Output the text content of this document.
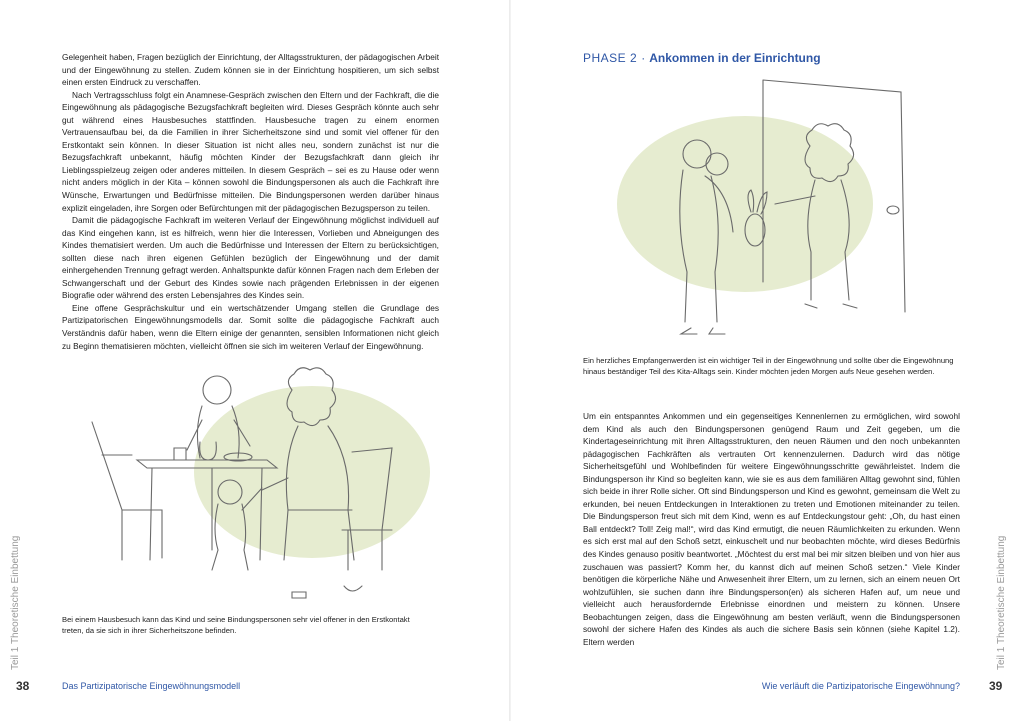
Gelegenheit haben, Fragen bezüglich der Einrichtung, der Alltagsstrukturen, der pädagogischen Arbeit und der Eingewöhnung zu stellen. Zudem können sie in der Einrichtung hospitieren, um sich selbst einen ersten Eindruck zu verschaffen.

Nach Vertragsschluss folgt ein Anamnese-Gespräch zwischen den Eltern und der Fachkraft, die die Eingewöhnung als pädagogische Bezugsfachkraft begleiten wird. Dieses Gespräch könnte auch sehr gut während eines Hausbesuches stattfinden. Hausbesuche tragen zu einem enormen Vertrauensaufbau bei, da die Familien in ihrer Sicherheitszone sind und somit viel offener für den Erstkontakt sein können. In dieser Situation ist nicht alles neu, sondern zunächst ist nur die Bezugsfachkraft unbekannt, häufig möchten Kinder der Bezugsfachkraft dann gleich ihr Lieblingsspielzeug zeigen oder anderes mitteilen. In diesem Gespräch – sei es zu Hause oder wenn nicht anders möglich in der Kita – können sowohl die Bindungspersonen als auch die Fachkraft ihre Wünsche, Erwartungen und Bedürfnisse mitteilen. Die Bindungspersonen werden darüber hinaus explizit eingeladen, ihre Sorgen oder Befürchtungen mit der pädagogischen Bezugsperson zu teilen.

Damit die pädagogische Fachkraft im weiteren Verlauf der Eingewöhnung möglichst individuell auf das Kind eingehen kann, ist es hilfreich, wenn hier die Interessen, Vorlieben und Abneigungen des Kindes thematisiert werden. Um auch die Bedürfnisse und Interessen der Eltern zu berücksichtigen, sollten diese nach ihren eigenen Gefühlen bezüglich der Eingewöhnung und der damit einhergehenden Trennung gefragt werden. Anhaltspunkte dafür können Fragen nach dem Erleben der Schwangerschaft und der Geburt des Kindes sowie nach prägenden Erlebnissen in der eigenen Biografie oder während des ersten Lebensjahres des Kindes sein.

Eine offene Gesprächskultur und ein wertschätzender Umgang stellen die Grundlage des Partizipatorischen Eingewöhnungsmodells dar. Somit sollte die pädagogische Fachkraft auch Verständnis dafür haben, wenn die Eltern einige der genannten, sensiblen Informationen nicht gleich zu Beginn thematisieren möchten, vielleicht öffnen sie sich im weiteren Verlauf der Eingewöhnung.

Bei einem Hausbesuch kann das Kind und seine Bindungspersonen sehr viel offener in den Erstkontakt treten, da sie sich in ihrer Sicherheitszone befinden.
Teil 1 Theoretische Einbettung
38	Das Partizipatorische Eingewöhnungsmodell
PHASE 2 · Ankommen in der Einrichtung
Ein herzliches Empfangenwerden ist ein wichtiger Teil in der Eingewöhnung und sollte über die Eingewöhnung hinaus beständiger Teil des Kita-Alltags sein. Kinder möchten jeden Morgen aufs Neue gesehen werden.

Um ein entspanntes Ankommen und ein gegenseitiges Kennenlernen zu ermöglichen, wird sowohl dem Kind als auch den Bindungspersonen genügend Raum und Zeit gegeben, um die Kindertageseinrichtung mit ihren Alltagsstrukturen, den neuen Räumen und den noch unbekannten pädagogischen Fachkräften als vertrauten Ort kennenzulernen. Dadurch wird das nötige Sicherheitsgefühl und Wohlbefinden für weitere Eingewöhnungsschritte gewährleistet. Indem die Bindungsperson ihr Kind so begleiten kann, wie sie es aus dem familiären Alltag gewohnt sind, fühlen sich beide in ihrer Rolle sicher. Oft sind Bindungsperson und Kind es gewohnt, gemeinsam die Welt zu erkunden, bei neuen Entdeckungen in Interaktionen zu treten und Emotionen miteinander zu teilen. Die Bindungsperson freut sich mit dem Kind, wenn es auf Entdeckungstour geht: „Oh, du hast einen Ball entdeckt? Toll! Zeig mal!“, wird das Kind ermutigt, die neuen Räumlichkeiten zu erkunden. Wenn es sich erst mal auf den Schoß setzt, einkuschelt und nur beobachten möchte, wird dieses Bedürfnis des Kindes genauso positiv beantwortet. „Möchtest du erst mal bei mir sitzen bleiben und von hier aus zuschauen was passiert? Komm her, du kannst dich auf meinen Schoß setzen.“ Viele Kinder benötigen die körperliche Nähe und Anwesenheit ihrer Eltern, um zu lernen, sich an einem neuen Ort wohlzufühlen, sie suchen dann ihre Bindungsperson(en) als sicheren Hafen auf, um neue und vielleicht auch herausfordernde Erlebnisse einordnen und meistern zu können. Unsere Beobachtungen zeigen, dass die Eingewöhnung am besten verläuft, wenn die Bindungspersonen sowohl der sichere Hafen des Kindes als auch die sichere Basis sein können (siehe Kapitel 1.2). Eltern werden	Teil 1 Theoretische Einbettung
39
Wie verläuft die Partizipatorische Eingewöhnung?
